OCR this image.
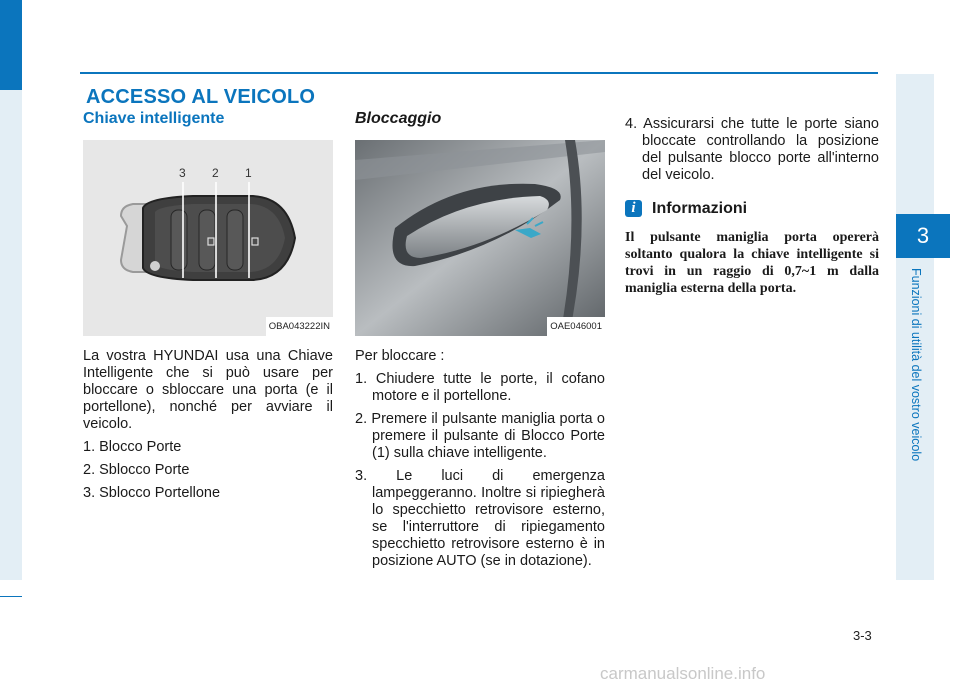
3
Funzioni di utilità del vostro veicolo
ACCESSO AL VEICOLO
Chiave intelligente
3 2 1
OBA043222IN

La vostra HYUNDAI usa una Chiave Intelligente che si può usare per bloccare o sbloccare una porta (e il portellone), nonché per avviare il veicolo.

1. Blocco Porte
2. Sblocco Porte
3. Sblocco Portellone
Bloccaggio
OAE046001

Per bloccare :

1. Chiudere tutte le porte, il cofano motore e il portellone.
2. Premere il pulsante maniglia porta o premere il pulsante di Blocco Porte (1) sulla chiave intelligente.
3. Le luci di emergenza lampeggeranno. Inoltre si ripiegherà lo specchietto retrovisore esterno, se l'interruttore di ripiegamento specchietto retrovisore esterno è in posizione AUTO (se in dotazione).
4. Assicurarsi che tutte le porte siano bloccate controllando la posizione del pulsante blocco porte all'interno del veicolo.
i	Informazioni
Il pulsante maniglia porta opererà soltanto qualora la chiave intelligente si trovi in un raggio di 0,7~1 m dalla maniglia esterna della porta.
3-3
carmanualsonline.info
